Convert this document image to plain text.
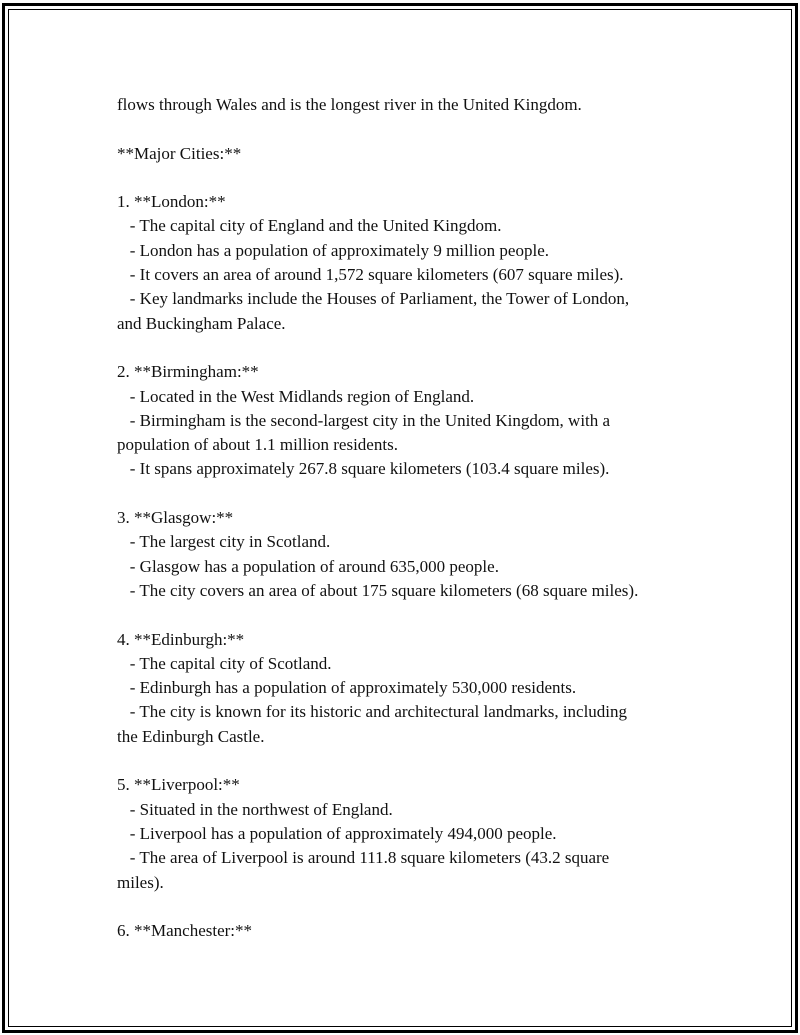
flows through Wales and is the longest river in the United Kingdom.
**Major Cities:**
1. **London:**
- The capital city of England and the United Kingdom.
- London has a population of approximately 9 million people.
- It covers an area of around 1,572 square kilometers (607 square miles).
- Key landmarks include the Houses of Parliament, the Tower of London,
and Buckingham Palace.
2. **Birmingham:**
- Located in the West Midlands region of England.
- Birmingham is the second-largest city in the United Kingdom, with a
population of about 1.1 million residents.
- It spans approximately 267.8 square kilometers (103.4 square miles).
3. **Glasgow:**
- The largest city in Scotland.
- Glasgow has a population of around 635,000 people.
- The city covers an area of about 175 square kilometers (68 square miles).
4. **Edinburgh:**
- The capital city of Scotland.
- Edinburgh has a population of approximately 530,000 residents.
- The city is known for its historic and architectural landmarks, including
the Edinburgh Castle.
5. **Liverpool:**
- Situated in the northwest of England.
- Liverpool has a population of approximately 494,000 people.
- The area of Liverpool is around 111.8 square kilometers (43.2 square
miles).
6. **Manchester:**
